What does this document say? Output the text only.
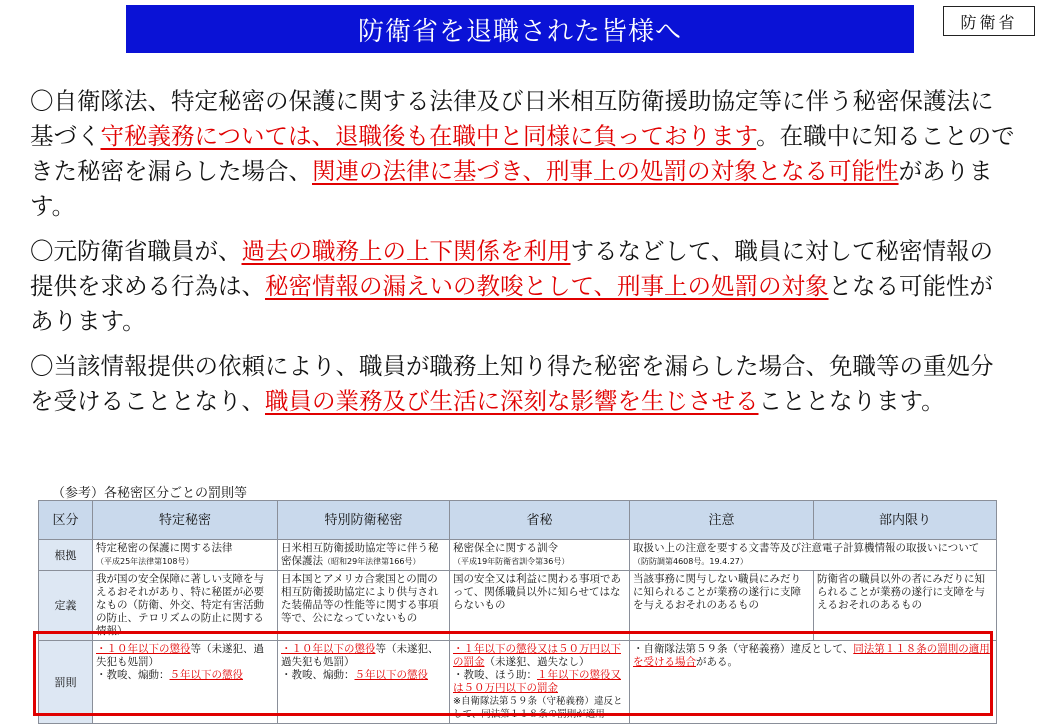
防衛省を退職された皆様へ	防衛省

〇自衛隊法、特定秘密の保護に関する法律及び日米相互防衛援助協定等に伴う秘密保護法に基づく守秘義務については、退職後も在職中と同様に負っております。在職中に知ることのできた秘密を漏らした場合、関連の法律に基づき、刑事上の処罰の対象となる可能性があります。

〇元防衛省職員が、過去の職務上の上下関係を利用するなどして、職員に対して秘密情報の提供を求める行為は、秘密情報の漏えいの教唆として、刑事上の処罰の対象となる可能性があります。

〇当該情報提供の依頼により、職員が職務上知り得た秘密を漏らした場合、免職等の重処分を受けることとなり、職員の業務及び生活に深刻な影響を生じさせることとなります。

（参考）各秘密区分ごとの罰則等
区分	特定秘密	特別防衛秘密	省秘	注意	部内限り
根拠	特定秘密の保護に関する法律
（平成25年法律第108号）	日米相互防衛援助協定等に伴う秘密保護法（昭和29年法律第166号）	秘密保全に関する訓令
（平成19年防衛省訓令第36号）	取扱い上の注意を要する文書等及び注意電子計算機情報の取扱いについて
（防防調第4608号。19.4.27）	
定義	我が国の安全保障に著しい支障を与えるおそれがあり、特に秘匿が必要なもの（防衛、外交、特定有害活動の防止、テロリズムの防止に関する情報）	日本国とアメリカ合衆国との間の相互防衛援助協定により供与された装備品等の性能等に関する事項等で、公になっていないもの	国の安全又は利益に関わる事項であって、関係職員以外に知らせてはならないもの	当該事務に関与しない職員にみだりに知られることが業務の遂行に支障を与えるおそれのあるもの	防衛省の職員以外の者にみだりに知られることが業務の遂行に支障を与えるおそれのあるもの
罰則	・１０年以下の懲役等（未遂犯、過失犯も処罰）
・教唆、煽動：５年以下の懲役	・１０年以下の懲役等（未遂犯、過失犯も処罰）
・教唆、煽動：５年以下の懲役	・１年以下の懲役又は５０万円以下の罰金（未遂犯、過失なし）
・教唆、ほう助：１年以下の懲役又は５０万円以下の罰金
※自衛隊法第５９条（守秘義務）違反として、同法第１１８条の罰則が適用	・自衛隊法第５９条（守秘義務）違反として、同法第１１８条の罰則の適用を受ける場合がある。	
